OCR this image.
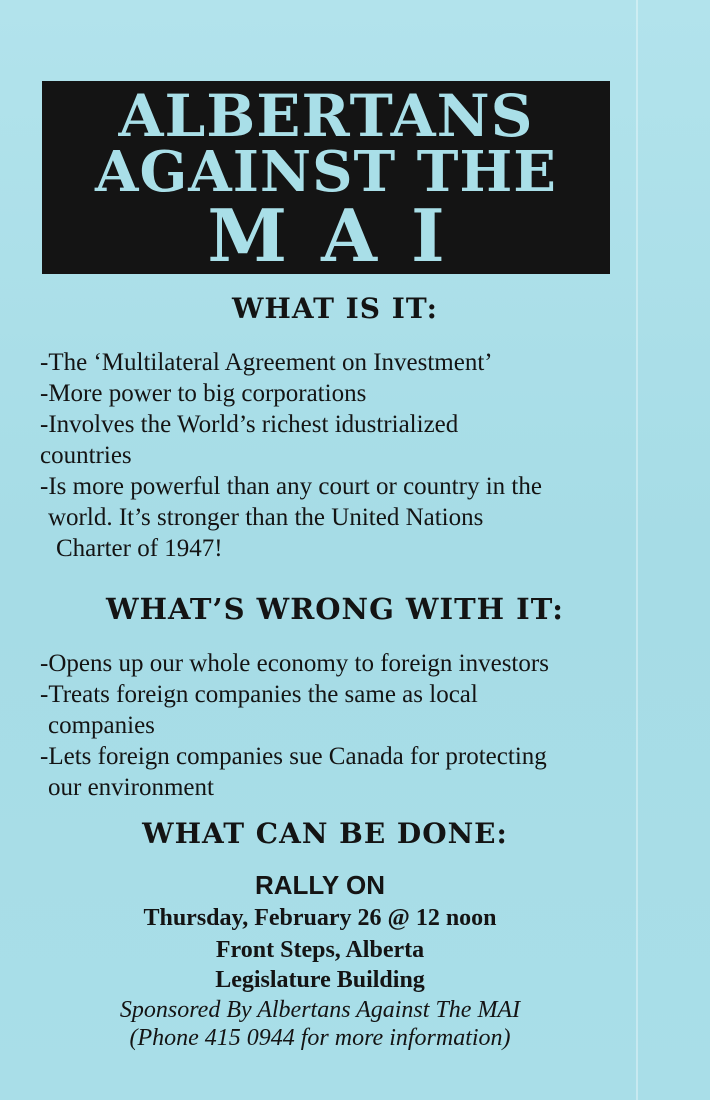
ALBERTANS
AGAINST THE
MAI
WHAT IS IT:
-The ‘Multilateral Agreement on Investment’
-More power to big corporations
-Involves the World’s richest idustrialized
countries
-Is more powerful than any court or country in the
world. It’s stronger than the United Nations
Charter of 1947!
WHAT’S WRONG WITH IT:
-Opens up our whole economy to foreign investors
-Treats foreign companies the same as local
companies
-Lets foreign companies sue Canada for protecting
our environment
WHAT CAN BE DONE:
RALLY ON
Thursday, February 26 @ 12 noon
Front Steps, Alberta
Legislature Building
Sponsored By Albertans Against The MAI
(Phone 415 0944 for more information)
